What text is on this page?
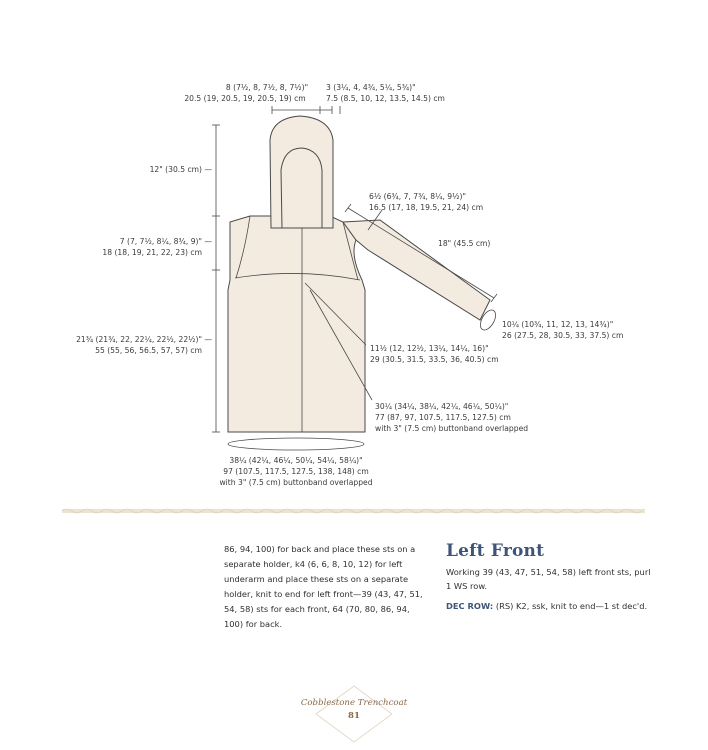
8 (7½, 8, 7½, 8, 7½)"
20.5 (19, 20.5, 19, 20.5, 19) cm
3 (3¼, 4, 4¾, 5¼, 5¾)"
7.5 (8.5, 10, 12, 13.5, 14.5) cm
12" (30.5 cm) —
7 (7, 7½, 8¼, 8¾, 9)" —
18 (18, 19, 21, 22, 23) cm
21¾ (21¾, 22, 22¼, 22½, 22½)" —
55 (55, 56, 56.5, 57, 57) cm
6½ (6¾, 7, 7¾, 8¼, 9½)"
16.5 (17, 18, 19.5, 21, 24) cm
18" (45.5 cm)
10¼ (10¾, 11, 12, 13, 14¾)"
26 (27.5, 28, 30.5, 33, 37.5) cm
11½ (12, 12½, 13¼, 14¼, 16)"
29 (30.5, 31.5, 33.5, 36, 40.5) cm
30¼ (34¼, 38¼, 42¼, 46¼, 50¼)"
77 (87, 97, 107.5, 117.5, 127.5) cm
with 3" (7.5 cm) buttonband overlapped
38¼ (42¼, 46¼, 50¼, 54¼, 58¼)"
97 (107.5, 117.5, 127.5, 138, 148) cm
with 3" (7.5 cm) buttonband overlapped

86, 94, 100) for back and place these sts on a separate holder, k4 (6, 6, 8, 10, 12) for left underarm and place these sts on a separate holder, knit to end for left front—39 (43, 47, 51, 54, 58) sts for each front, 64 (70, 80, 86, 94, 100) for back.

Left Front

Working 39 (43, 47, 51, 54, 58) left front sts, purl 1 WS row.

DEC ROW: (RS) K2, ssk, knit to end—1 st dec'd.

Cobblestone Trenchcoat
81
